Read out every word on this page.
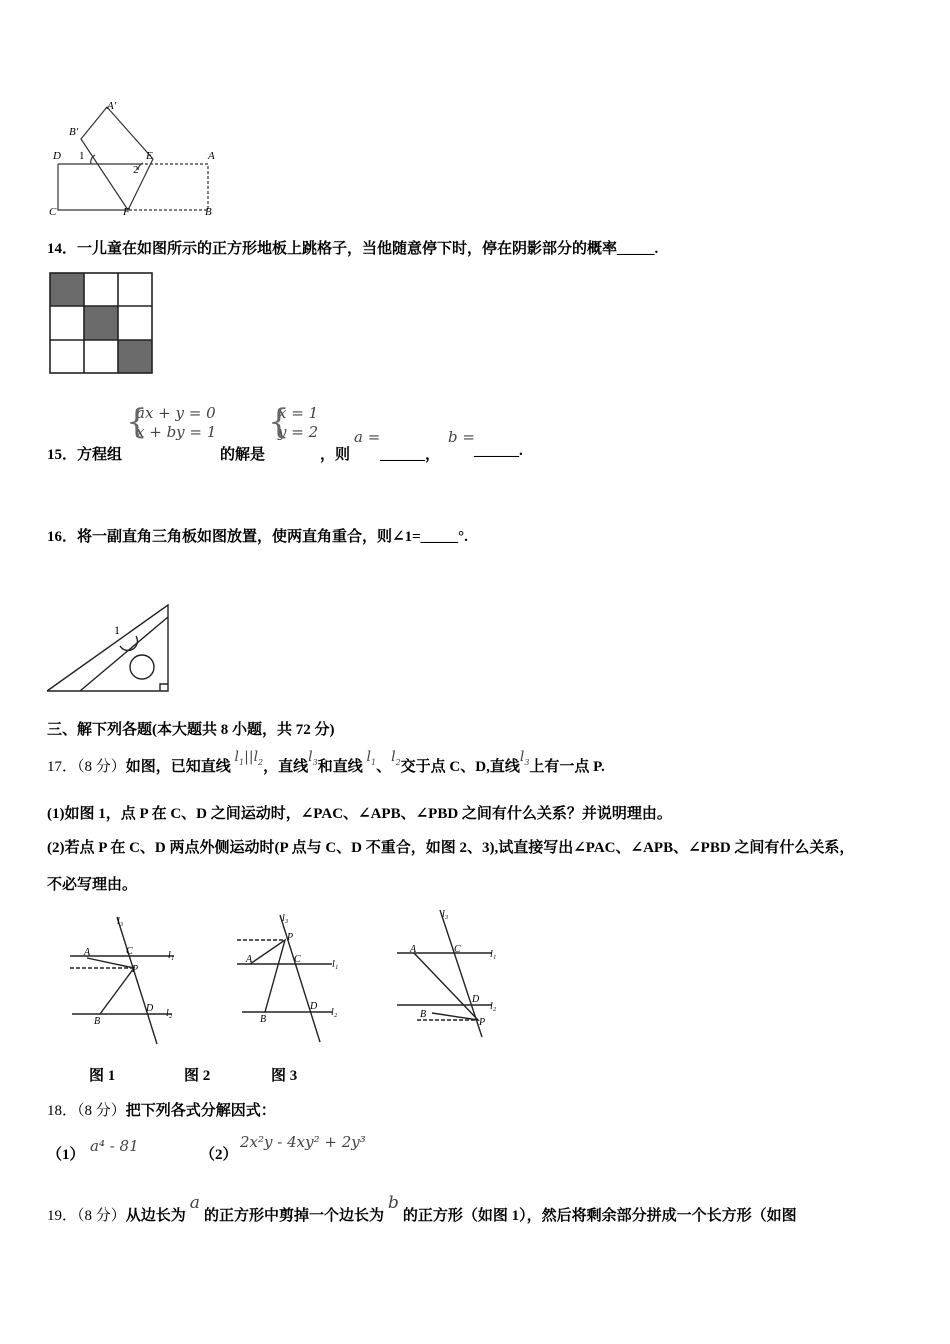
A'
B'
D 1	E	A
2
C	F	B
14．一儿童在如图所示的正方形地板上跳格子，当他随意停下时，停在阴影部分的概率_____.
15．方程组
{
ax + y = 0
x + by = 1
的解是
{
x = 1
y = 2
，则
a =
______，
b =
______.
16．将一副直角三角板如图放置，使两直角重合，则∠1=_____°.
1
三、解下列各题(本大题共 8 小题，共 72 分)
17．（8 分）如图，已知直线 $l_1||l_2$，直线$l_3$和直线 $l_1$、$l_2$交于点 C、D,直线$l_3$上有一点 P.
(1)如图 1，点 P 在 C、D 之间运动时，∠PAC、∠APB、∠PBD 之间有什么关系？并说明理由。
(2)若点 P 在 C、D 两点外侧运动时(P 点与 C、D 不重合，如图 2、3),试直接写出∠PAC、∠APB、∠PBD 之间有什么关系，
不必写理由。
l₃
A	C	l₁
P
D l₂
B
l₃
P
A	C	l₁
D
l₂
B
l₃
A	C	l₁
D
l₂
B
P
图 1	图 2	图 3
18．（8 分）把下列各式分解因式：
（1） a⁴ - 81	（2）
2x²y - 4xy² + 2y³
19．（8 分）从边长为a的正方形中剪掉一个边长为b的正方形（如图 1），然后将剩余部分拼成一个长方形（如图
